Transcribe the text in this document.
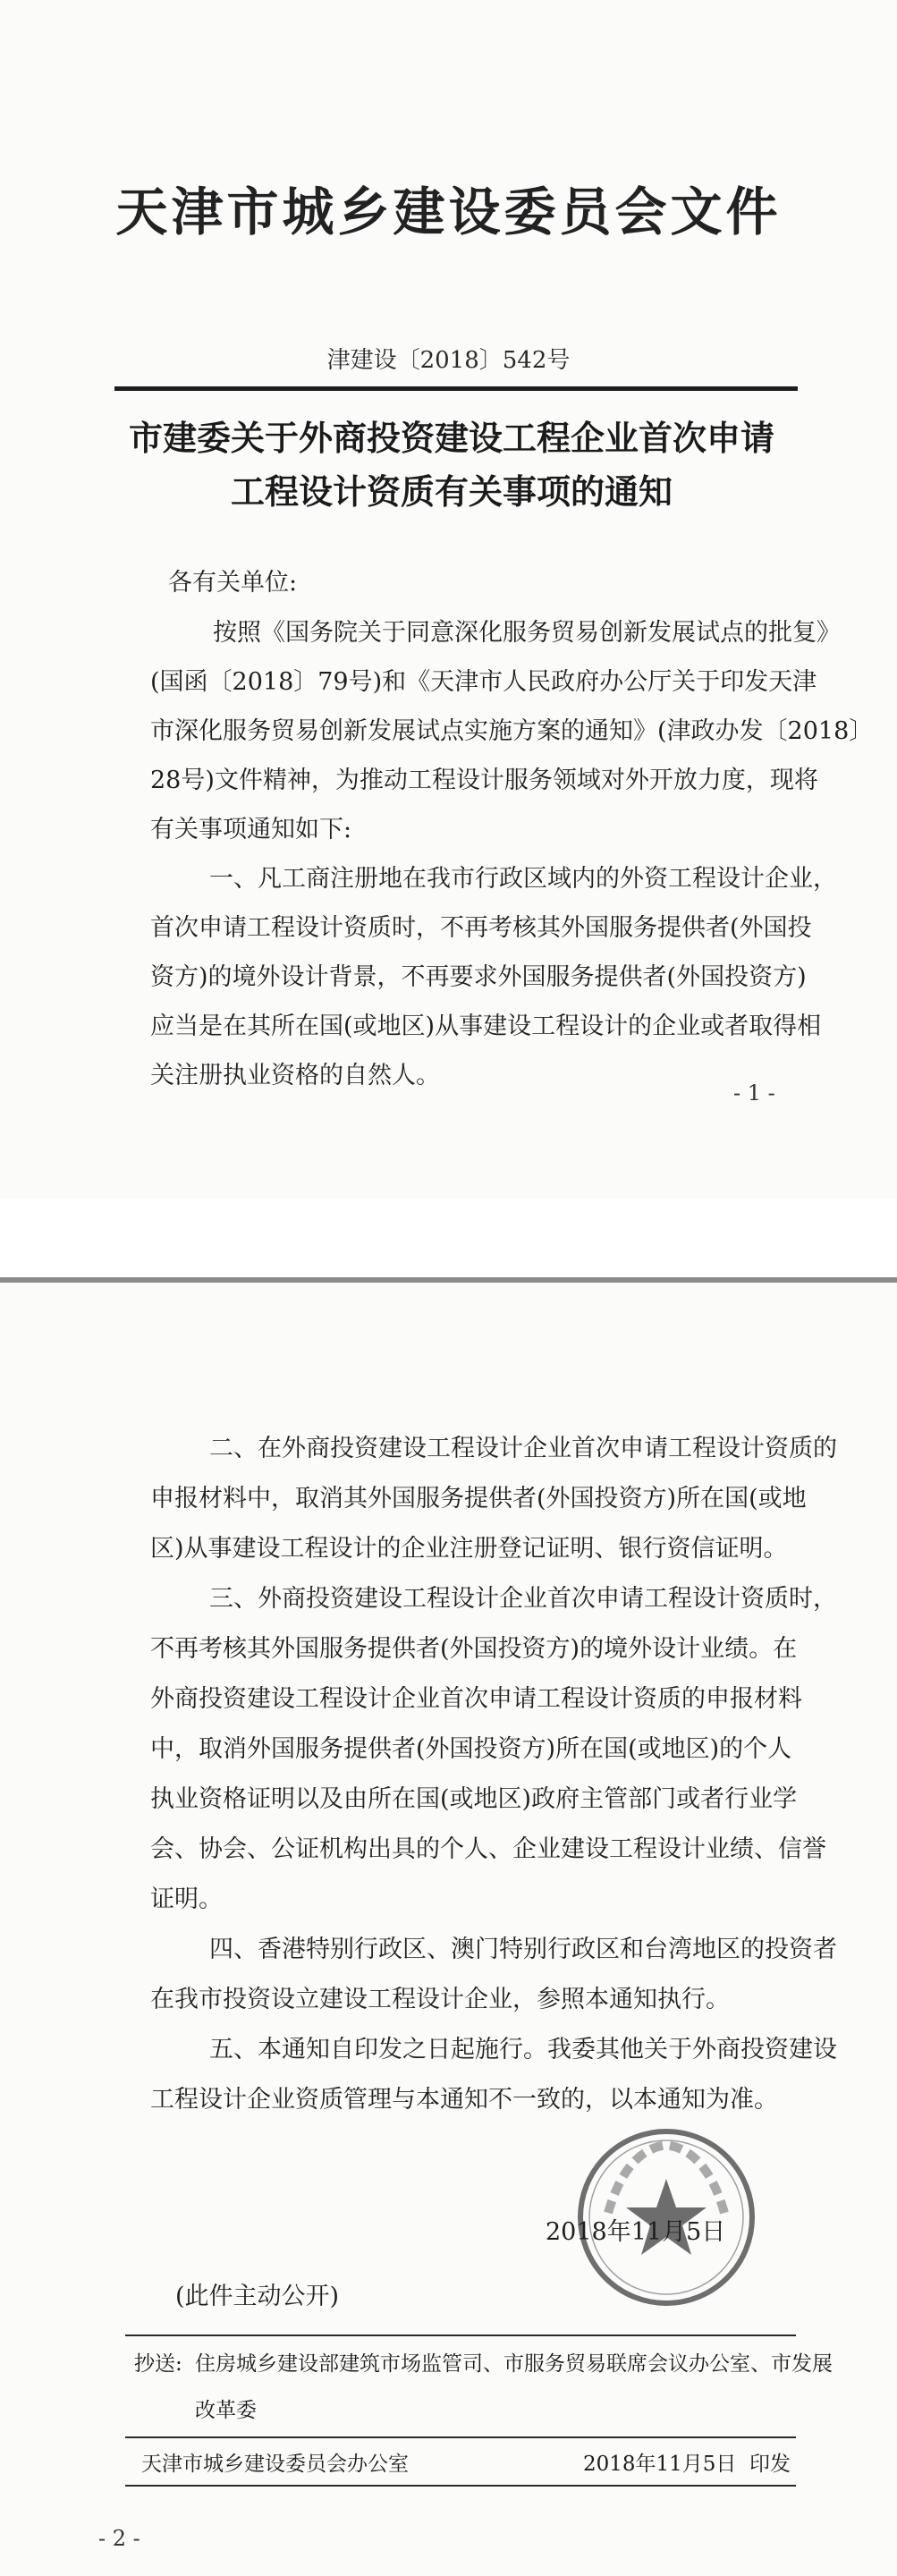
天津市城乡建设委员会文件
津建设〔2018〕542号
市建委关于外商投资建设工程企业首次申请
工程设计资质有关事项的通知
各有关单位:
按照《国务院关于同意深化服务贸易创新发展试点的批复》
(国函〔2018〕79号)和《天津市人民政府办公厅关于印发天津
市深化服务贸易创新发展试点实施方案的通知》(津政办发〔2018〕
28号)文件精神，为推动工程设计服务领域对外开放力度，现将
有关事项通知如下:
一、凡工商注册地在我市行政区域内的外资工程设计企业，
首次申请工程设计资质时，不再考核其外国服务提供者(外国投
资方)的境外设计背景，不再要求外国服务提供者(外国投资方)
应当是在其所在国(或地区)从事建设工程设计的企业或者取得相
关注册执业资格的自然人。
- 1 -
二、在外商投资建设工程设计企业首次申请工程设计资质的
申报材料中，取消其外国服务提供者(外国投资方)所在国(或地
区)从事建设工程设计的企业注册登记证明、银行资信证明。
三、外商投资建设工程设计企业首次申请工程设计资质时，
不再考核其外国服务提供者(外国投资方)的境外设计业绩。在
外商投资建设工程设计企业首次申请工程设计资质的申报材料
中，取消外国服务提供者(外国投资方)所在国(或地区)的个人
执业资格证明以及由所在国(或地区)政府主管部门或者行业学
会、协会、公证机构出具的个人、企业建设工程设计业绩、信誉
证明。
四、香港特别行政区、澳门特别行政区和台湾地区的投资者
在我市投资设立建设工程设计企业，参照本通知执行。
五、本通知自印发之日起施行。我委其他关于外商投资建设
工程设计企业资质管理与本通知不一致的，以本通知为准。
2018年11月5日
(此件主动公开)
抄送: 住房城乡建设部建筑市场监管司、市服务贸易联席会议办公室、市发展
改革委
天津市城乡建设委员会办公室	2018年11月5日  印发
- 2 -
